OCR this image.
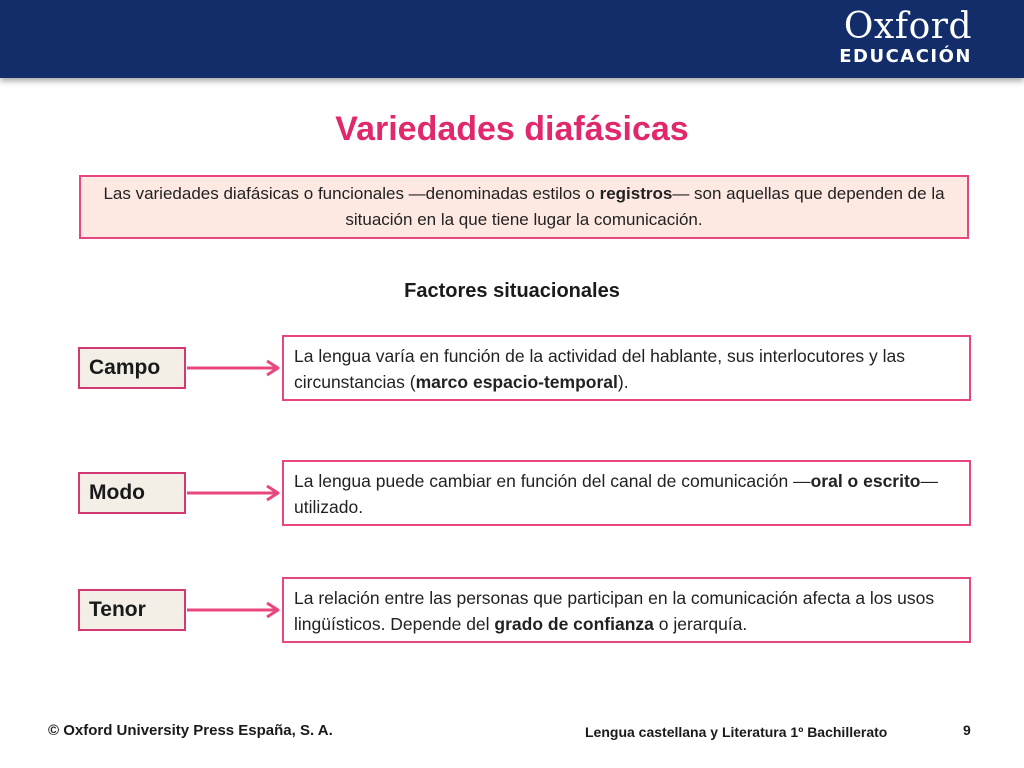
Oxford
EDUCACIÓN
Variedades diafásicas
Las variedades diafásicas o funcionales —denominadas estilos o registros— son aquellas que dependen de la situación en la que tiene lugar la comunicación.
Factores situacionales
Campo	La lengua varía en función de la actividad del hablante, sus interlocutores y las circunstancias (marco espacio-temporal).
Modo	La lengua puede cambiar en función del canal de comunicación —oral o escrito— utilizado.
Tenor	La relación entre las personas que participan en la comunicación afecta a los usos lingüísticos. Depende del grado de confianza o jerarquía.
© Oxford University Press España, S. A.	Lengua castellana y Literatura 1º Bachillerato	9
